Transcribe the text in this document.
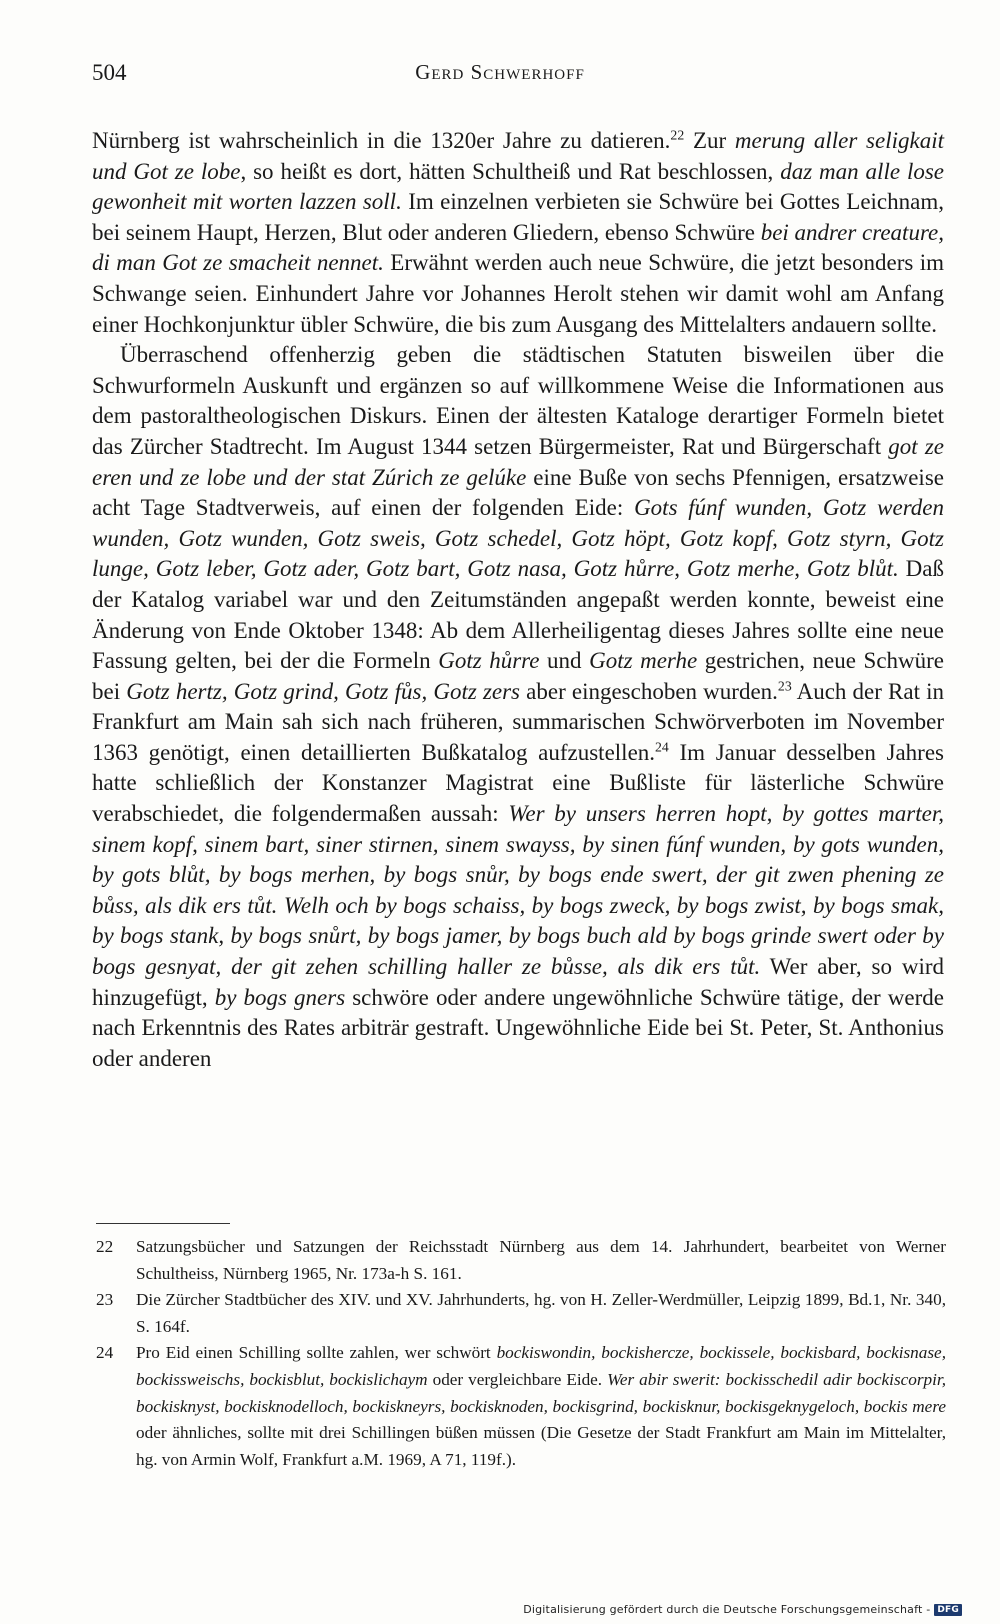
504	Gerd Schwerhoff

Nürnberg ist wahrscheinlich in die 1320er Jahre zu datieren.$^{22}$ Zur merung aller seligkait und Got ze lobe, so heißt es dort, hätten Schultheiß und Rat beschlossen, daz man alle lose gewonheit mit worten lazzen soll. Im einzelnen verbieten sie Schwüre bei Gottes Leichnam, bei seinem Haupt, Herzen, Blut oder anderen Gliedern, ebenso Schwüre bei andrer creature, di man Got ze smacheit nennet. Erwähnt werden auch neue Schwüre, die jetzt besonders im Schwange seien. Einhundert Jahre vor Johannes Herolt stehen wir damit wohl am Anfang einer Hochkonjunktur übler Schwüre, die bis zum Ausgang des Mittelalters andauern sollte.

Überraschend offenherzig geben die städtischen Statuten bisweilen über die Schwurformeln Auskunft und ergänzen so auf willkommene Weise die Informationen aus dem pastoraltheologischen Diskurs. Einen der ältesten Kataloge derartiger Formeln bietet das Zürcher Stadtrecht. Im August 1344 setzen Bürgermeister, Rat und Bürgerschaft got ze eren und ze lobe und der stat Zúrich ze gelúke eine Buße von sechs Pfennigen, ersatzweise acht Tage Stadtverweis, auf einen der folgenden Eide: Gots fúnf wunden, Gotz werden wunden, Gotz wunden, Gotz sweis, Gotz schedel, Gotz höpt, Gotz kopf, Gotz styrn, Gotz lunge, Gotz leber, Gotz ader, Gotz bart, Gotz nasa, Gotz hůrre, Gotz merhe, Gotz blůt. Daß der Katalog variabel war und den Zeitumständen angepaßt werden konnte, beweist eine Änderung von Ende Oktober 1348: Ab dem Allerheiligentag dieses Jahres sollte eine neue Fassung gelten, bei der die Formeln Gotz hůrre und Gotz merhe gestrichen, neue Schwüre bei Gotz hertz, Gotz grind, Gotz fůs, Gotz zers aber eingeschoben wurden.$^{23}$ Auch der Rat in Frankfurt am Main sah sich nach früheren, summarischen Schwörverboten im November 1363 genötigt, einen detaillierten Bußkatalog aufzustellen.$^{24}$ Im Januar desselben Jahres hatte schließlich der Konstanzer Magistrat eine Bußliste für lästerliche Schwüre verabschiedet, die folgendermaßen aussah: Wer by unsers herren hopt, by gottes marter, sinem kopf, sinem bart, siner stirnen, sinem swayss, by sinen fúnf wunden, by gots wunden, by gots blůt, by bogs merhen, by bogs snůr, by bogs ende swert, der git zwen phening ze bůss, als dik ers tůt. Welh och by bogs schaiss, by bogs zweck, by bogs zwist, by bogs smak, by bogs stank, by bogs snůrt, by bogs jamer, by bogs buch ald by bogs grinde swert oder by bogs gesnyat, der git zehen schilling haller ze bůsse, als dik ers tůt. Wer aber, so wird hinzugefügt, by bogs gners schwöre oder andere ungewöhnliche Schwüre tätige, der werde nach Erkenntnis des Rates arbiträr gestraft. Ungewöhnliche Eide bei St. Peter, St. Anthonius oder anderen

22 Satzungsbücher und Satzungen der Reichsstadt Nürnberg aus dem 14. Jahrhundert, bearbeitet von Werner Schultheiss, Nürnberg 1965, Nr. 173a-h S. 161.
23 Die Zürcher Stadtbücher des XIV. und XV. Jahrhunderts, hg. von H. Zeller-Werdmüller, Leipzig 1899, Bd.1, Nr. 340, S. 164f.
24 Pro Eid einen Schilling sollte zahlen, wer schwört bockiswondin, bockishercze, bockissele, bockisbard, bockisnase, bockissweischs, bockisblut, bockislichaym oder vergleichbare Eide. Wer abir swerit: bockisschedil adir bockiscorpir, bockisknyst, bockisknodelloch, bockiskneyrs, bockisknoden, bockisgrind, bockisknur, bockisgeknygeloch, bockis mere oder ähnliches, sollte mit drei Schillingen büßen müssen (Die Gesetze der Stadt Frankfurt am Main im Mittelalter, hg. von Armin Wolf, Frankfurt a.M. 1969, A 71, 119f.).
Digitalisierung gefördert durch die Deutsche Forschungsgemeinschaft - DFG
